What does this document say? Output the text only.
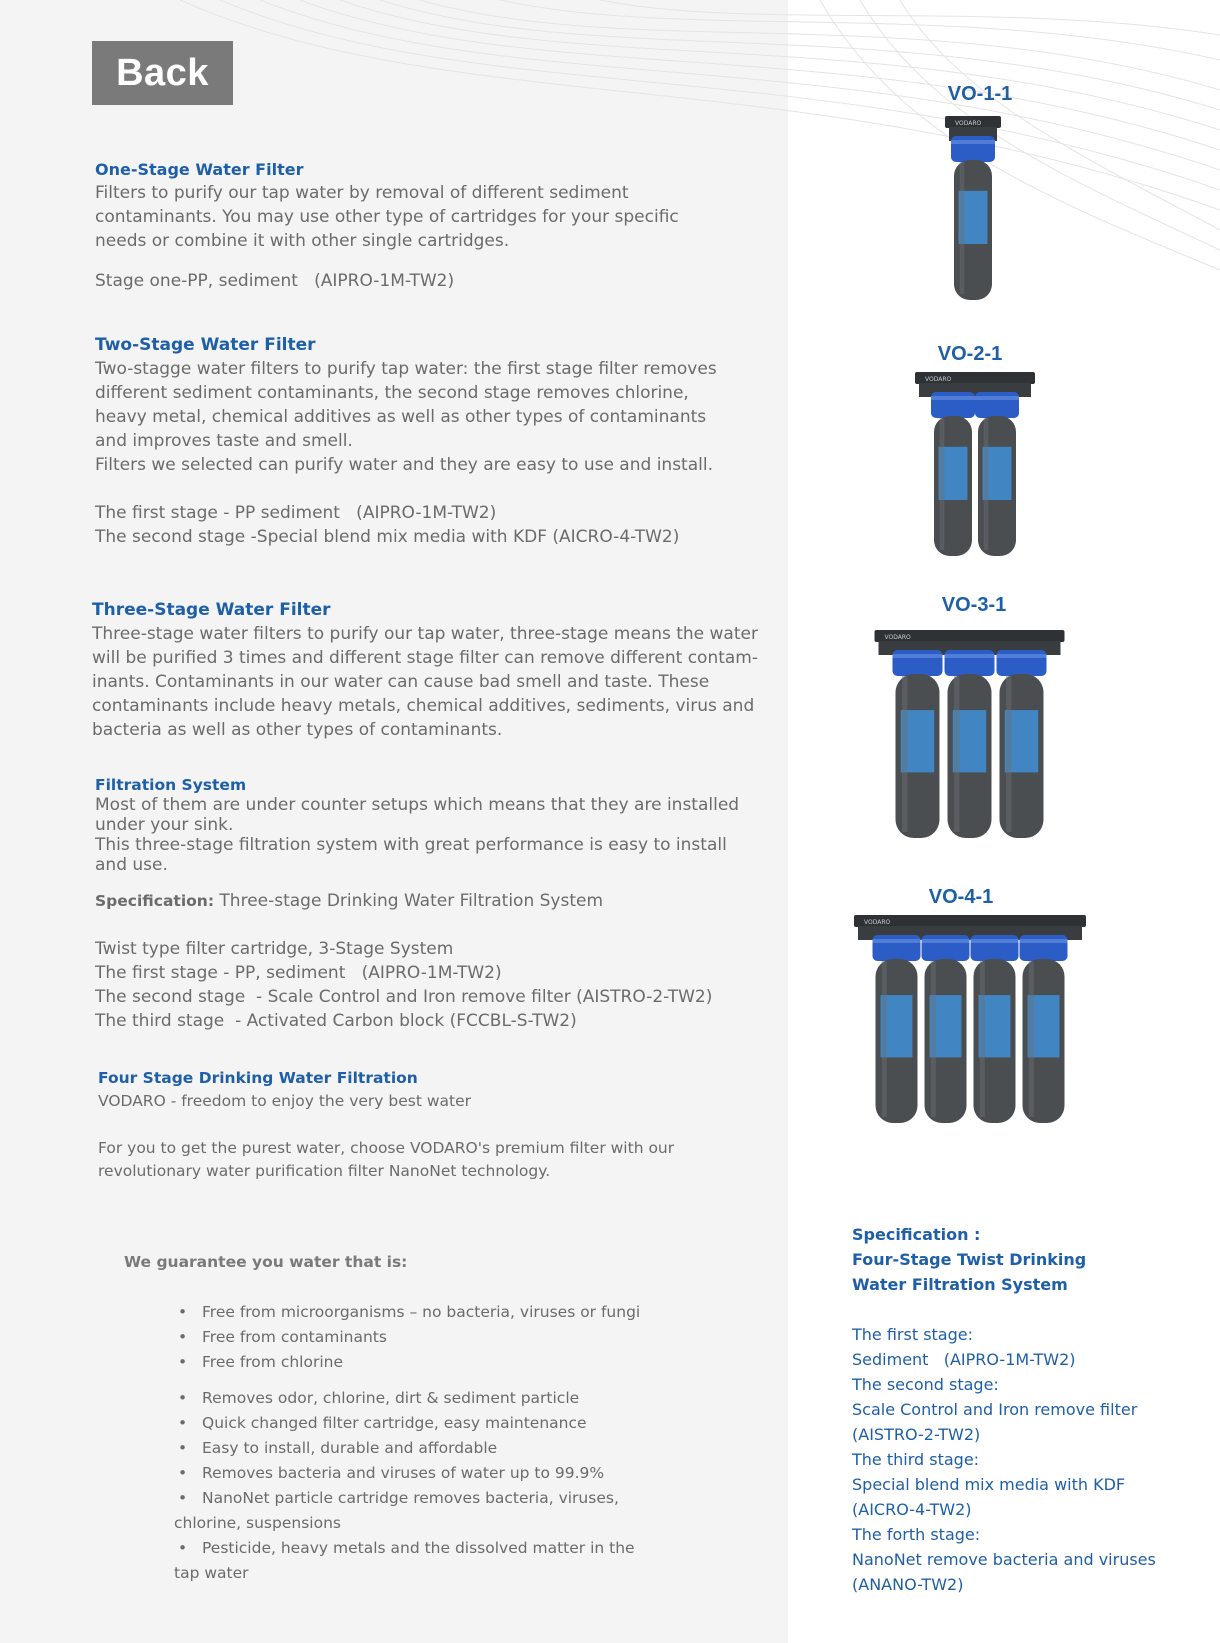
Back

One-Stage Water Filter

Filters to purify our tap water by removal of different sediment

contaminants. You may use other type of cartridges for your specific

needs or combine it with other single cartridges.

Stage one-PP, sediment   (AIPRO-1M-TW2)

Two-Stage Water Filter

Two-staggе water filters to purify tap water: the first stage filter removes

different sediment contaminants, the second stage removes chlorine,

heavy metal, chemical additives as well as other types of contaminants

and improves taste and smell.

Filters we selected can purify water and they are easy to use and install.

The first stage - PP sediment   (AIPRO-1M-TW2)

The second stage -Special blend mix media with KDF (AICRO-4-TW2)

Three-Stage Water Filter

Three-stage water filters to purify our tap water, three-stage means the water

will be purified 3 times and different stage filter can remove different contam-

inants. Contaminants in our water can cause bad smell and taste. These

contaminants include heavy metals, chemical additives, sediments, virus and

bacteria as well as other types of contaminants.

Filtration System

Most of them are under counter setups which means that they are installed

under your sink.

This three-stage filtration system with great performance is easy to install

and use.

Specification: Three-stage Drinking Water Filtration System

Twist type filter cartridge, 3-Stage System

The first stage - PP, sediment   (AIPRO-1M-TW2)

The second stage  - Scale Control and Iron remove filter (AISTRO-2-TW2)

The third stage  - Activated Carbon block (FCCBL-S-TW2)

Four Stage Drinking Water Filtration

VODARO - freedom to enjoy the very best water

For you to get the purest water, choose VODARO's premium filter with our

revolutionary water purification filter NanoNet technology.

We guarantee you water that is:

• Free from microorganisms – no bacteria, viruses or fungi
• Free from contaminants
• Free from chlorine
• Removes odor, chlorine, dirt & sediment particle
• Quick changed filter cartridge, easy maintenance
• Easy to install, durable and affordable
• Removes bacteria and viruses of water up to 99.9%
• NanoNet particle cartridge removes bacteria, viruses,
chlorine, suspensions
• Pesticide, heavy metals and the dissolved matter in the
tap water
VO-1-1
VO-2-1
VO-3-1
VO-4-1
VODARO
VODARO
VODARO
VODARO

Specification :

Four-Stage Twist Drinking

Water Filtration System

The first stage:

Sediment   (AIPRO-1M-TW2)

The second stage:

Scale Control and Iron remove filter

(AISTRO-2-TW2)

The third stage:

Special blend mix media with KDF

(AICRO-4-TW2)

The forth stage:

NanoNet remove bacteria and viruses

(ANANO-TW2)
